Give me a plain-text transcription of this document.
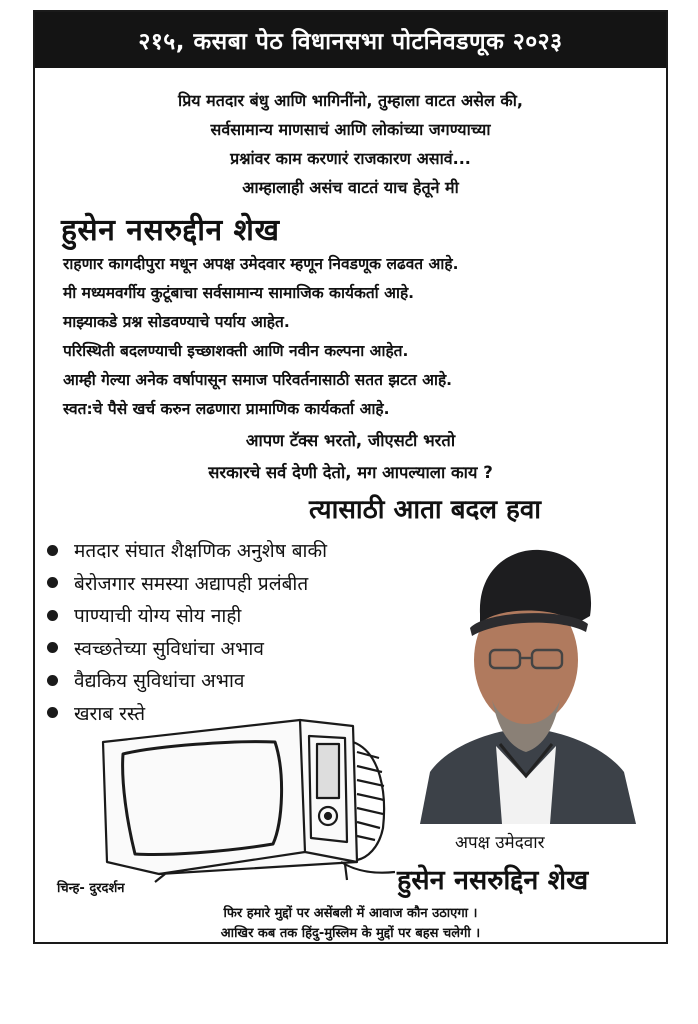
२१५, कसबा पेठ विधानसभा पोटनिवडणूक २०२३
प्रिय मतदार बंधु आणि भागिनींनो, तुम्हाला वाटत असेल की,
सर्वसामान्य माणसाचं आणि लोकांच्या जगण्याच्या
प्रश्नांवर काम करणारं राजकारण असावं...
आम्हालाही असंच वाटतं याच हेतूने मी
हुसेन नसरुद्दीन शेख
राहणार कागदीपुरा मधून अपक्ष उमेदवार म्हणून निवडणूक लढवत आहे.
मी मध्यमवर्गीय कुटूंबाचा सर्वसामान्य सामाजिक कार्यकर्ता आहे.
माझ्याकडे प्रश्न सोडवण्याचे पर्याय आहेत.
परिस्थिती बदलण्याची इच्छाशक्ती आणि नवीन कल्पना आहेत.
आम्ही गेल्या अनेक वर्षापासून समाज परिवर्तनासाठी सतत झटत आहे.
स्वत:चे पैसे खर्च करुन लढणारा प्रामाणिक कार्यकर्ता आहे.
आपण टॅक्स भरतो, जीएसटी भरतो
सरकारचे सर्व देणी देतो, मग आपल्याला काय ?
त्यासाठी आता बदल हवा
मतदार संघात शैक्षणिक अनुशेष बाकी
बेरोजगार समस्या अद्यापही प्रलंबीत
पाण्याची योग्य सोय नाही
स्वच्छतेच्या सुविधांचा अभाव
वैद्यकिय सुविधांचा अभाव
खराब रस्ते
चिन्ह- दुरदर्शन
अपक्ष उमेदवार
हुसेन नसरुद्दिन शेख
फिर हमारे मुद्दों पर असेंबली में आवाज कौन उठाएगा ।
आखिर कब तक हिंदु-मुस्लिम के मुद्दों पर बहस चलेगी ।
